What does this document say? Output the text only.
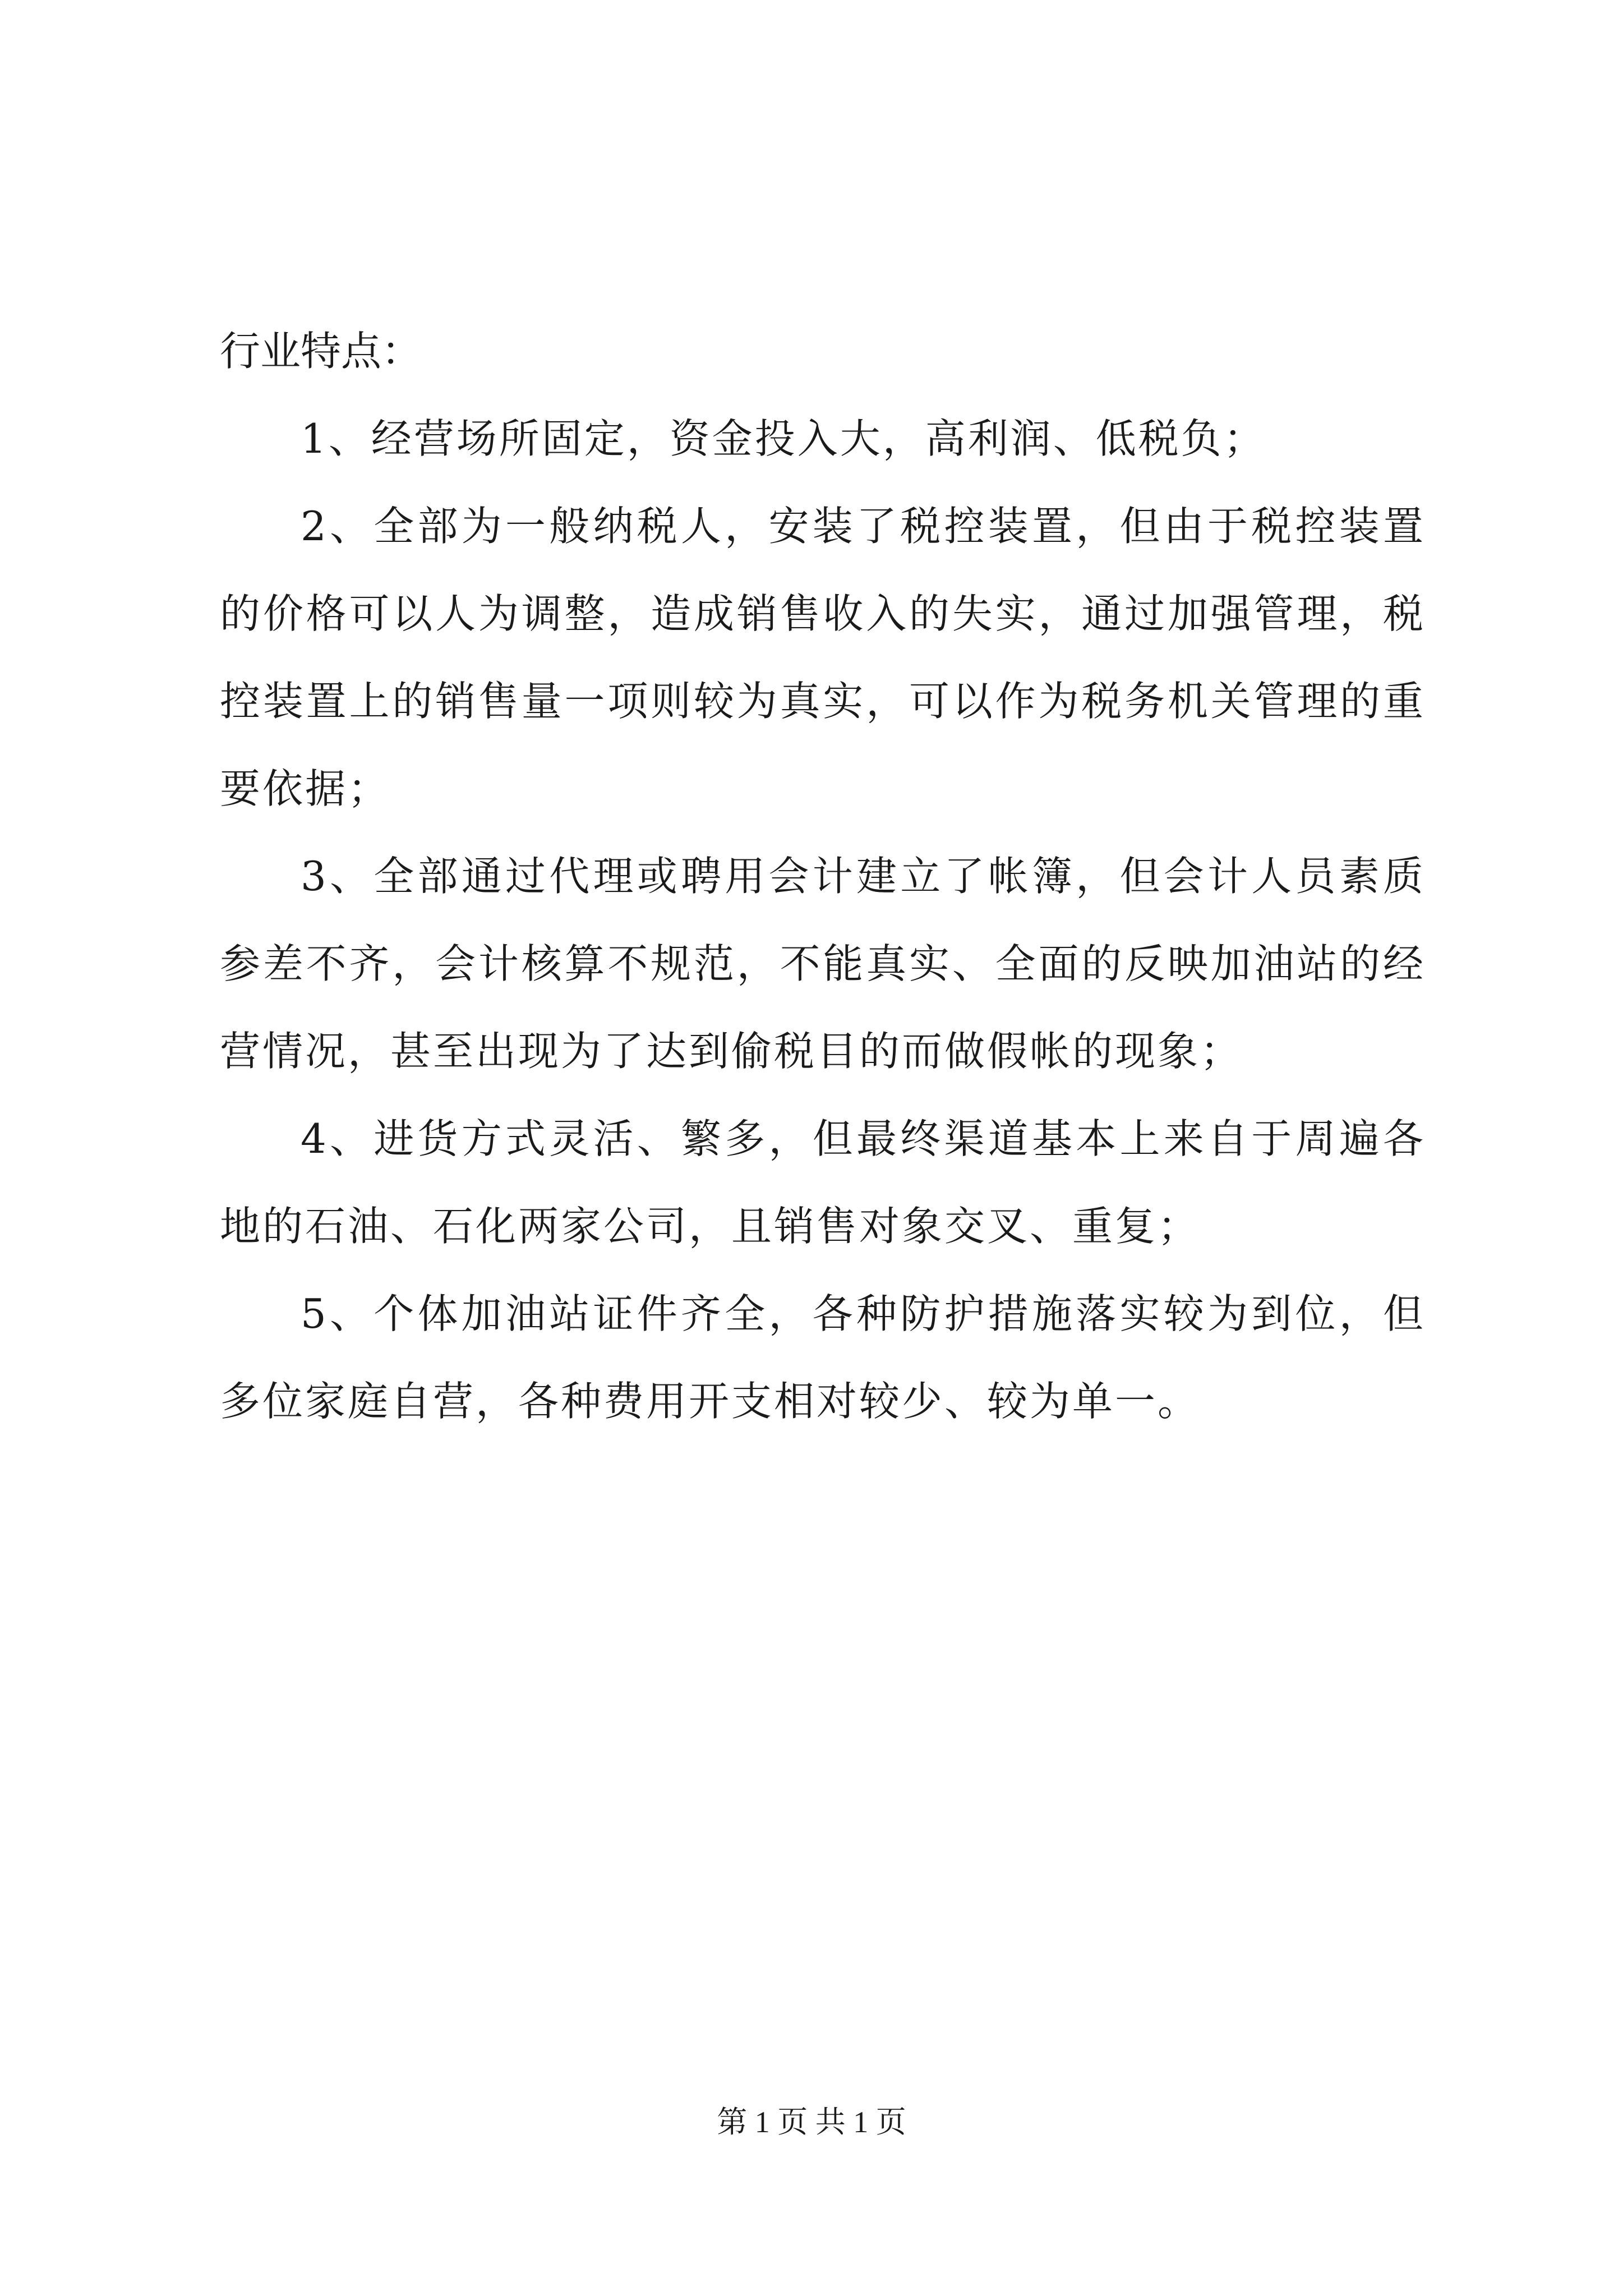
行业特点：

1、经营场所固定，资金投入大，高利润、低税负；

2、全部为一般纳税人，安装了税控装置，但由于税控装置的价格可以人为调整，造成销售收入的失实，通过加强管理，税控装置上的销售量一项则较为真实，可以作为税务机关管理的重要依据；

3、全部通过代理或聘用会计建立了帐簿，但会计人员素质参差不齐，会计核算不规范，不能真实、全面的反映加油站的经营情况，甚至出现为了达到偷税目的而做假帐的现象；

4、进货方式灵活、繁多，但最终渠道基本上来自于周遍各地的石油、石化两家公司，且销售对象交叉、重复；

5、个体加油站证件齐全，各种防护措施落实较为到位，但多位家庭自营，各种费用开支相对较少、较为单一。

第 1 页 共 1 页
